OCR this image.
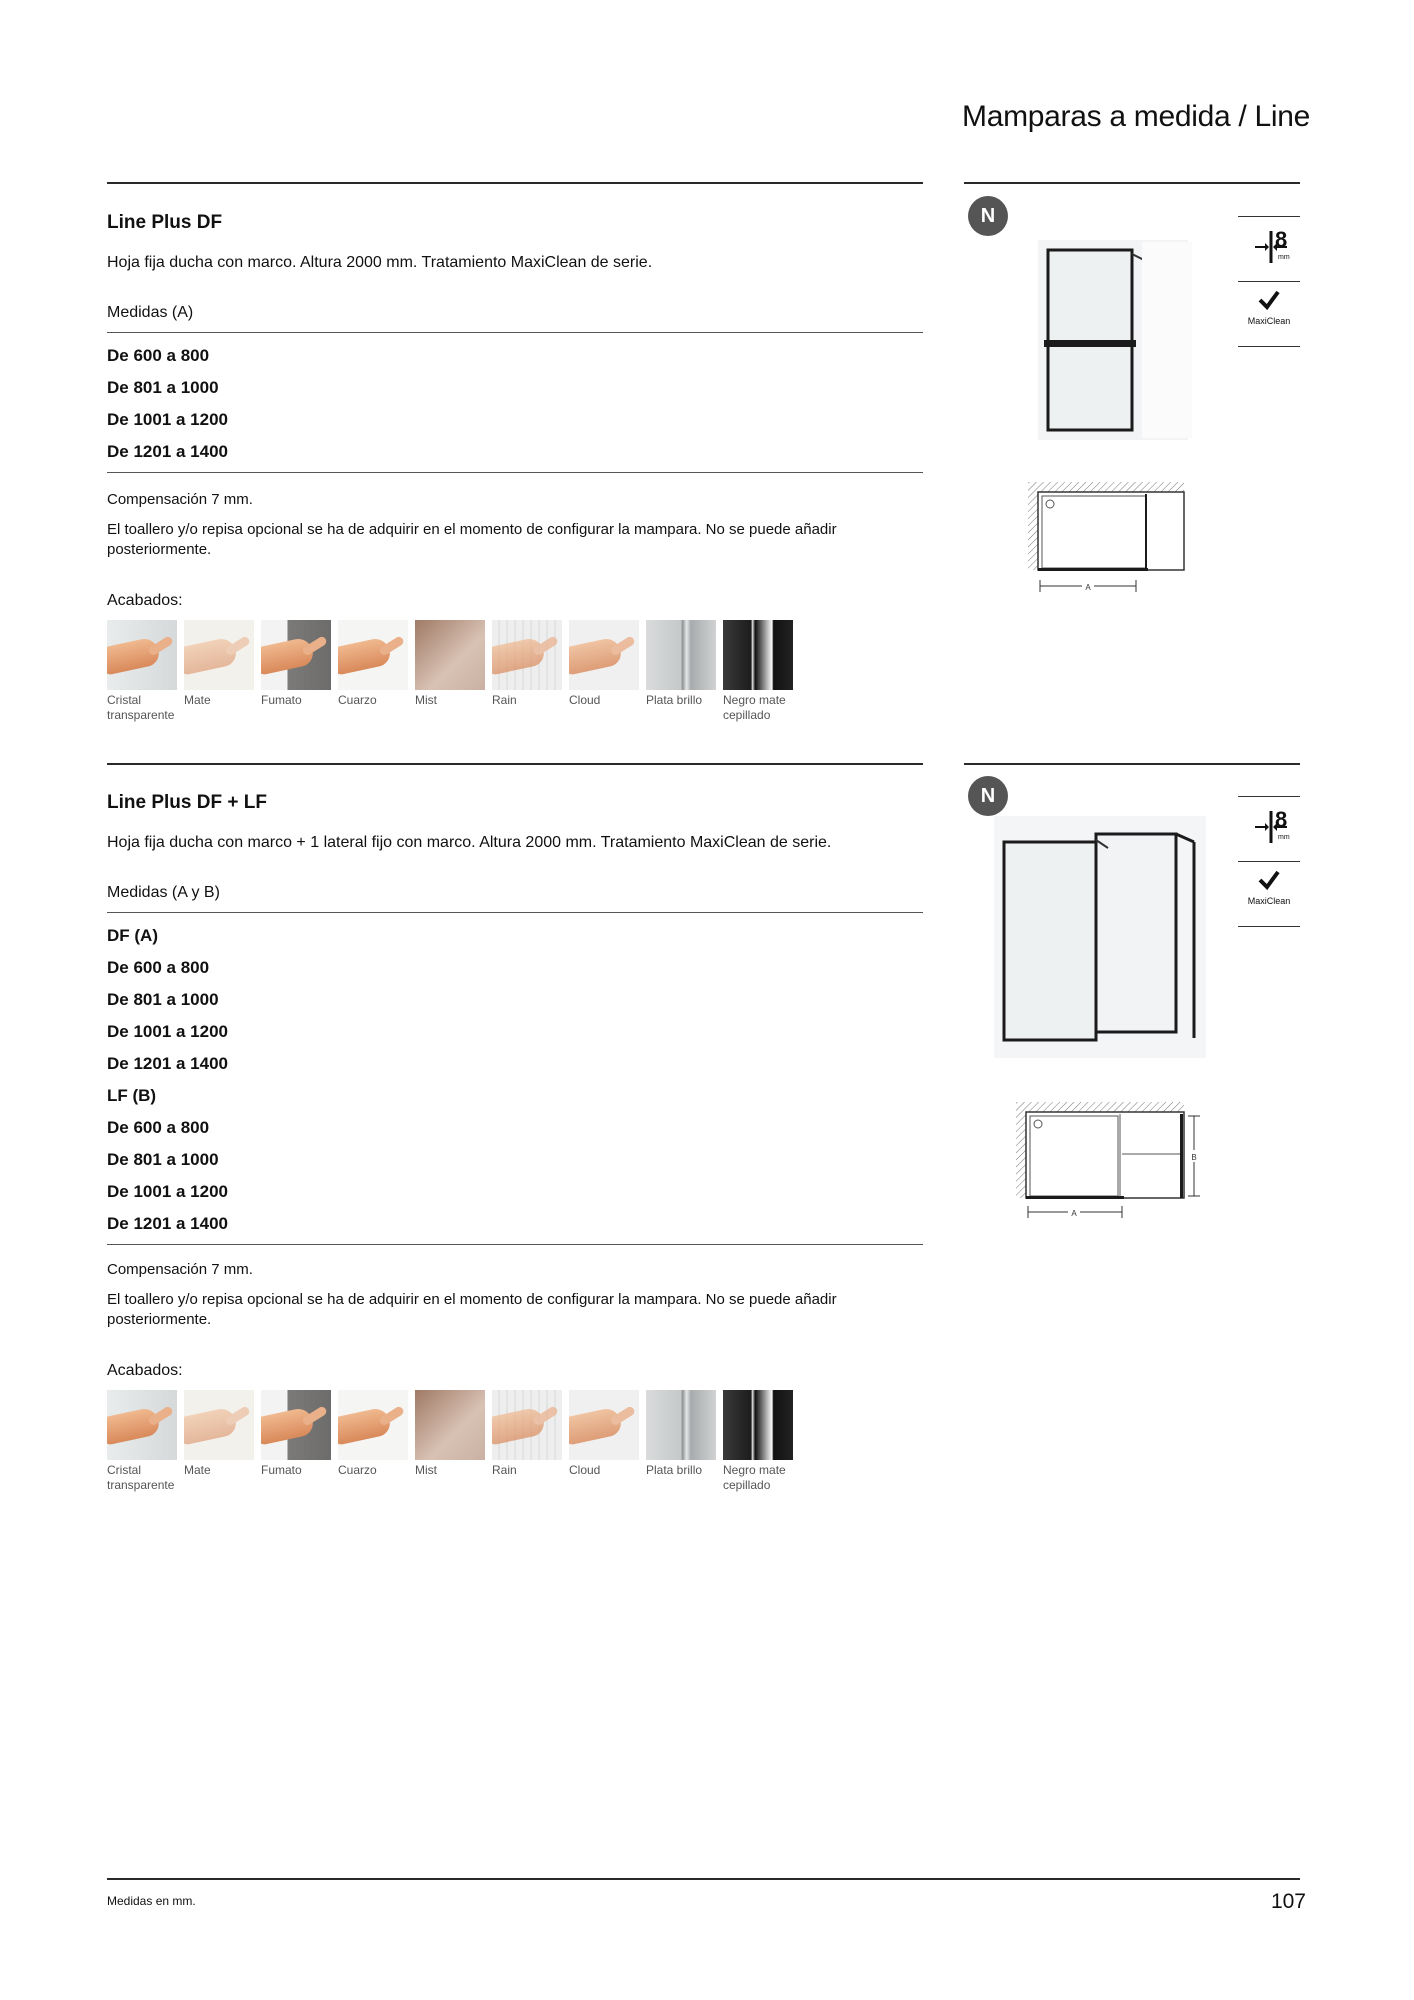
Mamparas a medida / Line
Line Plus DF
Hoja fija ducha con marco. Altura 2000 mm. Tratamiento MaxiClean de serie.
Medidas (A)
De 600 a 800
De 801 a 1000
De 1001 a 1200
De 1201 a 1400
Compensación 7 mm.
El toallero y/o repisa opcional se ha de adquirir en el momento de configurar la mampara. No se puede añadir posteriormente.
Acabados:
Cristal
transparente
Mate	Fumato	Cuarzo	Mist	Rain	Cloud	Plata brillo	Negro mate
cepillado
N
A
8
mm
MaxiClean
Line Plus DF + LF
Hoja fija ducha con marco + 1 lateral fijo con marco. Altura 2000 mm. Tratamiento MaxiClean de serie.
Medidas (A y B)
DF (A)
De 600 a 800
De 801 a 1000
De 1001 a 1200
De 1201 a 1400
LF (B)
De 600 a 800
De 801 a 1000
De 1001 a 1200
De 1201 a 1400
Compensación 7 mm.
El toallero y/o repisa opcional se ha de adquirir en el momento de configurar la mampara. No se puede añadir posteriormente.
Acabados:
Cristal
transparente
Mate	Fumato	Cuarzo	Mist	Rain	Cloud	Plata brillo	Negro mate
cepillado
N
B
A
8
mm
MaxiClean
Medidas en mm.	107
